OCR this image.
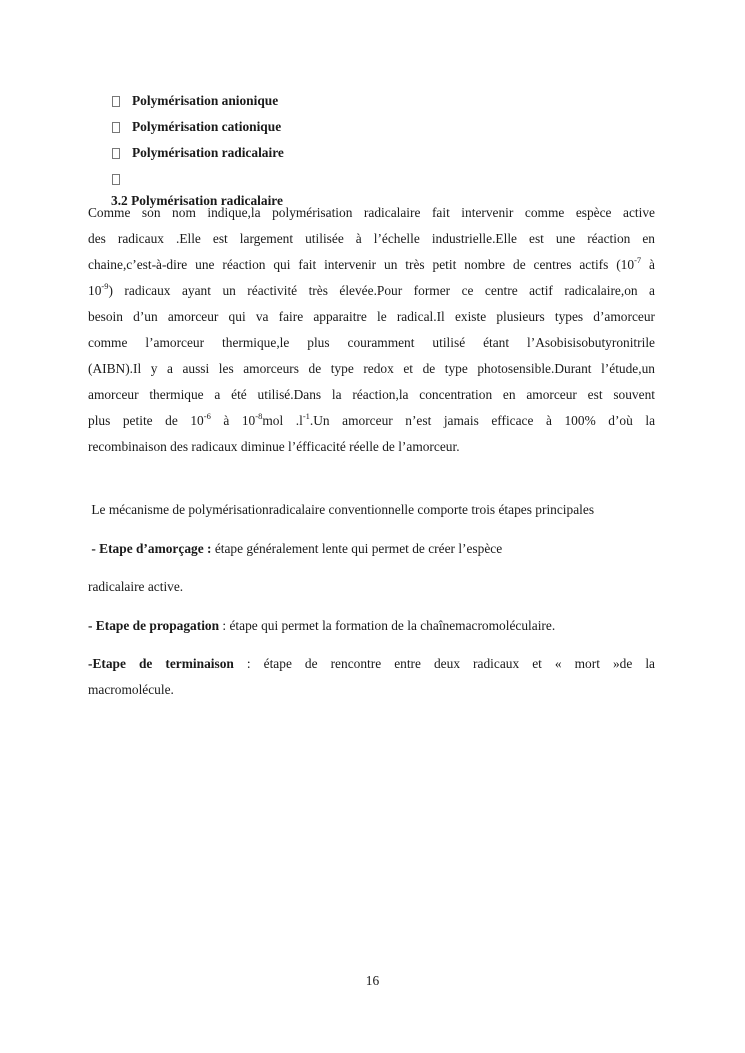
Polymérisation anionique
Polymérisation cationique
Polymérisation radicalaire
3.2 Polymérisation radicalaire
Comme son nom indique,la polymérisation radicalaire fait intervenir comme espèce active
des radicaux .Elle est largement utilisée à l’échelle industrielle.Elle est une réaction en
chaine,c’est-à-dire une réaction qui fait intervenir un très petit nombre de centres actifs ($10^{-7}$ à
$10^{-9}$) radicaux ayant un réactivité très élevée.Pour former ce centre actif radicalaire,on a
besoin d’un amorceur qui va faire apparaitre le radical.Il existe plusieurs types d’amorceur
comme l’amorceur thermique,le plus couramment utilisé étant l’Asobisisobutyronitrile
(AIBN).Il y a aussi les amorceurs de type redox et de type photosensible.Durant l’étude,un
amorceur thermique a été utilisé.Dans la réaction,la concentration en amorceur est souvent
plus petite de $10^{-6}$ à $10^{-8}mol$ $.l^{-1}.Un$ amorceur n’est jamais efficace à 100% d’où la
recombinaison des radicaux diminue l’éfficacité réelle de l’amorceur.
Le mécanisme de polymérisationradicalaire conventionnelle comporte trois étapes principales
- Etape d’amorçage : étape généralement lente qui permet de créer l’espèce
radicalaire active.
- Etape de propagation : étape qui permet la formation de la chaînemacromoléculaire.
-Etape de terminaison : étape de rencontre entre deux radicaux et « mort »de la
macromolécule.
16
